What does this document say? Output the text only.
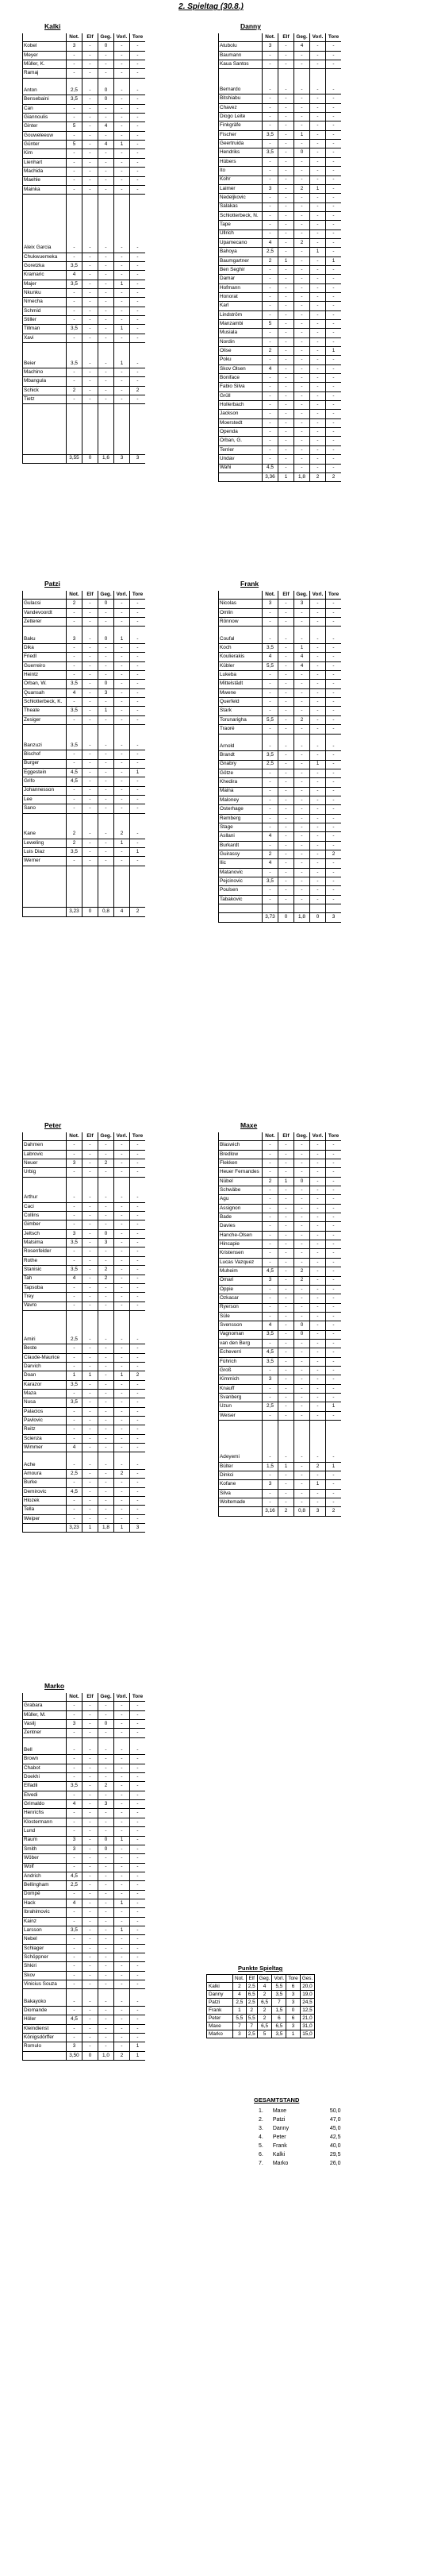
2. Spieltag (30.8.)
Kalki
	Not.	Elf	Geg.	Vorl.	Tore
Kobel	3	-	0	-	-
Meyer	-	-	-	-	-
Müller, K.	-	-	-	-	-
Ramaj	-	-	-	-	-

Anton	2,5	-	0	-	-
Bensebaini	3,5	-	0	-	-
Can	-	-	-	-	-
Giannoulis	-	-	-	-	-
Ginter	5	-	4	-	-
Gouweleeuw	-	-	-	-	-
Günter	5	-	4	1	-
Kim	-	-	-	-	-
Lienhart	-	-	-	-	-
Machida	-	-	-	-	-
Maehle	-	-	-	-	-
Mainka	-	-	-	-	-

Aleix Garcia	-	-	-	-	-
Chukwuemeka	-	-	-	-	-
Goretzka	3,5	-	-	-	-
Kramaric	4	-	-	-	-
Majer	3,5	-	-	1	-
Nkunku	-	-	-	-	-
Nmecha	-	-	-	-	-
Schmid	-	-	-	-	-
Stiller	-	-	-	-	-
Tillman	3,5	-	-	1	-
Xavi	-	-	-	-	-

Beier	3,5	-	-	1	-
Machino	-	-	-	-	-
Mbangula	-	-	-	-	-
Schick	2	-	-	-	2
Tietz	-	-	-	-	-

	3,55	0	1,6	3	3
Danny
	Not.	Elf	Geg.	Vorl.	Tore
Atubolu	3	-	4	-	-
Baumann	-	-	-	-	-
Kaua Santos	-	-	-	-	-

Bernardo	-	-	-	-	-
Bitshiabu	-	-	-	-	-
Chavez	-	-	-	-	-
Diogo Leite	-	-	-	-	-
Finkgräfe	-	-	-	-	-
Fischer	3,5	-	1	-	-
Geertruida	-	-	-	-	-
Hendriks	3,5	-	0	-	-
Hübers	-	-	-	-	-
Ito	-	-	-	-	-
Kohr	-	-	-	-	-
Laimer	3	-	2	1	-
Nedeljkovic	-	-	-	-	-
Salakas	-	-	-	-	-
Schlotterbeck, N.	-	-	-	-	-
Tape	-	-	-	-	-
Ullrich	-	-	-	-	-
Upamecano	4	-	2	-	-
Bahoya	2,5	-	-	1	-
Baumgartner	2	1	-	-	1
Ben Seghir	-	-	-	-	-
Damar	-	-	-	-	-
Hofmann	-	-	-	-	-
Honorat	-	-	-	-	-
Karl	-	-	-	-	-
Lindström	-	-	-	-	-
Manzambi	5	-	-	-	-
Musiala	-	-	-	-	-
Nordin	-	-	-	-	-
Olise	2	-	-	-	1
Poku	-	-	-	-	-
Skov Olsen	4	-	-	-	-
Boniface	-	-	-	-	-
Fabio Silva	-	-	-	-	-
Grüll	-	-	-	-	-
Hollerbach	-	-	-	-	-
Jackson	-	-	-	-	-
Moerstedt	-	-	-	-	-
Openda	-	-	-	-	-
Orban, G.	-	-	-	-	-
Terrier	-	-	-	-	-
Undav	-	-	-	-	-
Wahi	4,5	-	-	-	-
	3,36	1	1,8	2	2
Patzi
	Not.	Elf	Geg.	Vorl.	Tore
Gulacsi	2	-	0	-	-
Vandevoordt	-	-	-	-	-
Zetterer	-	-	-	-	-

Baku	3	-	0	1	-
Dika	-	-	-	-	-
Friedl	-	-	-	-	-
Guerreiro	-	-	-	-	-
Heintz	-	-	-	-	-
Orban, W.	3,5	-	0	-	-
Quansah	4	-	3	-	-
Schlotterbeck, K.	-	-	-	-	-
Theate	3,5	-	1	-	-
Zesiger	-	-	-	-	-

Banzuzi	3,5	-	-	-	-
Bischof	-	-	-	-	-
Burger	-	-	-	-	-
Eggestein	4,5	-	-	-	1
Grifo	4,5	-	-	-	-
Johannesson	-	-	-	-	-
Lee	-	-	-	-	-
Sano	-	-	-	-	-

Kane	2	-	-	2	-
Leweling	2	-	-	1	-
Luis Diaz	3,5	-	-	-	1
Werner	-	-	-	-	-

	3,23	0	0,8	4	2
Frank
	Not.	Elf	Geg.	Vorl.	Tore
Nicolas	3	-	3	-	-
Omlin	-	-	-	-	-
Rönnow	-	-	-	-	-

Coufal	-	-	-	-	-
Koch	3,5	-	1	-	-
Koulierakis	4	-	4	-	-
Kübler	5,5	-	4	-	-
Lukeba	-	-	-	-	-
Mittelstädt	-	-	-	-	-
Mwene	-	-	-	-	-
Querfeld	-	-	-	-	-
Stark	-	-	-	-	-
Torunarigha	5,5	-	2	-	-
Traoré	-	-	-	-	-

Arnold	-	-	-	-	-
Brandt	3,5	-	-	-	-
Gnabry	2,5	-	-	1	-
Götze	-	-	-	-	-
Khedira	-	-	-	-	-
Maina	-	-	-	-	-
Maloney	-	-	-	-	-
Osterhage	-	-	-	-	-
Remberg	-	-	-	-	-
Stage	-	-	-	-	-
Asllani	4	-	-	-	-
Burkardt	-	-	-	-	-
Guirassy	2	-	-	-	2
Ilic	4	-	-	-	-
Matanovic	-	-	-	-	-
Pejcinovic	3,5	-	-	-	-
Poulsen	-	-	-	-	-
Tabakovic	-	-	-	-	-

	3,73	0	1,8	0	3
Peter
	Not.	Elf	Geg.	Vorl.	Tore
Dahmen	-	-	-	-	-
Labrovic	-	-	-	-	-
Neuer	3	-	2	-	-
Urbig	-	-	-	-	-

Arthur	-	-	-	-	-
Caci	-	-	-	-	-
Collins	-	-	-	-	-
Gimber	-	-	-	-	-
Jeltsch	3	-	0	-	-
Matsima	3,5	-	3	-	-
Rosenfelder	-	-	-	-	-
Rothe	-	-	-	-	-
Stanisic	3,5	-	2	-	-
Tah	4	-	2	-	-
Tapsoba	-	-	-	-	-
Trey	-	-	-	-	-
Vavro	-	-	-	-	-

Amiri	2,5	-	-	-	-
Beste	-	-	-	-	-
Claude-Maurice	-	-	-	-	-
Darvich	-	-	-	-	-
Doan	1	1	-	1	2
Karazor	3,5	-	-	-	-
Maza	-	-	-	-	-
Nusa	3,5	-	-	-	-
Palacios	-	-	-	-	-
Pavlovic	-	-	-	-	-
Reitz	-	-	-	-	-
Scienza	-	-	-	-	-
Wimmer	4	-	-	-	-

Ache	-	-	-	-	-
Amoura	2,5	-	-	2	-
Burke	-	-	-	-	-
Demirovic	4,5	-	-	-	-
Hlozek	-	-	-	-	-
Tella	-	-	-	-	-
Weiper	-	-	-	-	-
	3,23	1	1,8	1	3
Maxe
	Not.	Elf	Geg.	Vorl.	Tore
Blaswich	-	-	-	-	-
Bredlow	-	-	-	-	-
Flekken	-	-	-	-	-
Heuer Fernandes	-	-	-	-	-
Nübel	2	1	0	-	-
Schwäbe	-	-	-	-	-
Agu	-	-	-	-	-
Assignon	-	-	-	-	-
Bade	-	-	-	-	-
Davies	-	-	-	-	-
Hanche-Olsen	-	-	-	-	-
Hincapie	-	-	-	-	-
Kristensen	-	-	-	-	-
Lucas Vazquez	-	-	-	-	-
Muheim	4,5	-	2	-	-
Omari	3	-	2	-	-
Oppie	-	-	-	-	-
Ozkacar	-	-	-	-	-
Ryerson	-	-	-	-	-
Süle	-	-	-	-	-
Svensson	4	-	0	-	-
Vagnoman	3,5	-	0	-	-
van den Berg	-	-	-	-	-
Echeverri	4,5	-	-	-	-
Führich	3,5	-	-	-	-
Groß	-	-	-	-	-
Kimmich	3	-	-	-	-
Knauff	-	-	-	-	-
Svanberg	-	-	-	-	-
Uzun	2,5	-	-	-	1
Weiser	-	-	-	-	-

Adeyemi	-	-	-	-	-
Bülter	1,5	1	-	2	1
Dinkci	-	-	-	-	-
Kofane	3	-	-	1	-
Silva	-	-	-	-	-
Woltemade	-	-	-	-	-
	3,16	2	0,8	3	2
Marko
	Not.	Elf	Geg.	Vorl.	Tore
Grabara	-	-	-	-	-
Müller, M.	-	-	-	-	-
Vasilj	3	-	0	-	-
Zentner	-	-	-	-	-

Bell	-	-	-	-	-
Brown	-	-	-	-	-
Chabot	-	-	-	-	-
Doekhi	-	-	-	-	-
Elfadli	3,5	-	2	-	-
Elvedi	-	-	-	-	-
Grimaldo	4	-	3	-	-
Henrichs	-	-	-	-	-
Klostermann	-	-	-	-	-
Lund	-	-	-	-	-
Raum	3	-	0	1	-
Smith	3	-	0	-	-
Wöber	-	-	-	-	-
Wolf	-	-	-	-	-
Andrich	4,5	-	-	-	-
Bellingham	2,5	-	-	-	-
Dompé	-	-	-	-	-
Hack	4	-	-	1	-
Ibrahimovic	-	-	-	-	-
Kainz	-	-	-	-	-
Larsson	3,5	-	-	1	-
Nebel	-	-	-	-	-
Schlager	-	-	-	-	-
Schöppner	-	-	-	-	-
Shkiri	-	-	-	-	-
Skov	-	-	-	-	-
Vinicius Souza	-	-	-	-	-

Bakayoko	-	-	-	-	-
Diomande	-	-	-	-	-
Höler	4,5	-	-	-	-
Kleindienst	-	-	-	-	-
Königsdörffer	-	-	-	-	-
Romulo	3	-	-	-	1
	3,50	0	1,0	2	1
Punkte Spieltag
	Not.	Elf	Geg.	Vorl.	Tore	Ges.
Kalki	2	2,5	4	5,5	6	20,0
Danny	4	6,5	2	3,5	3	19,0
Patzi	2,5	2,5	6,5	7	3	24,5
Frank	1	2	2	1,5	0	12,5
Peter	5,5	5,5	2	6	6	21,0
Maxe	7	7	6,5	6,5	3	31,0
Marko	3	2,5	5	3,5	1	15,0
GESAMTSTAND
1.	Maxe	50,0
2.	Patzi	47,0
3.	Danny	45,0
4.	Peter	42,5
5.	Frank	40,0
6.	Kalki	29,5
7.	Marko	26,0
